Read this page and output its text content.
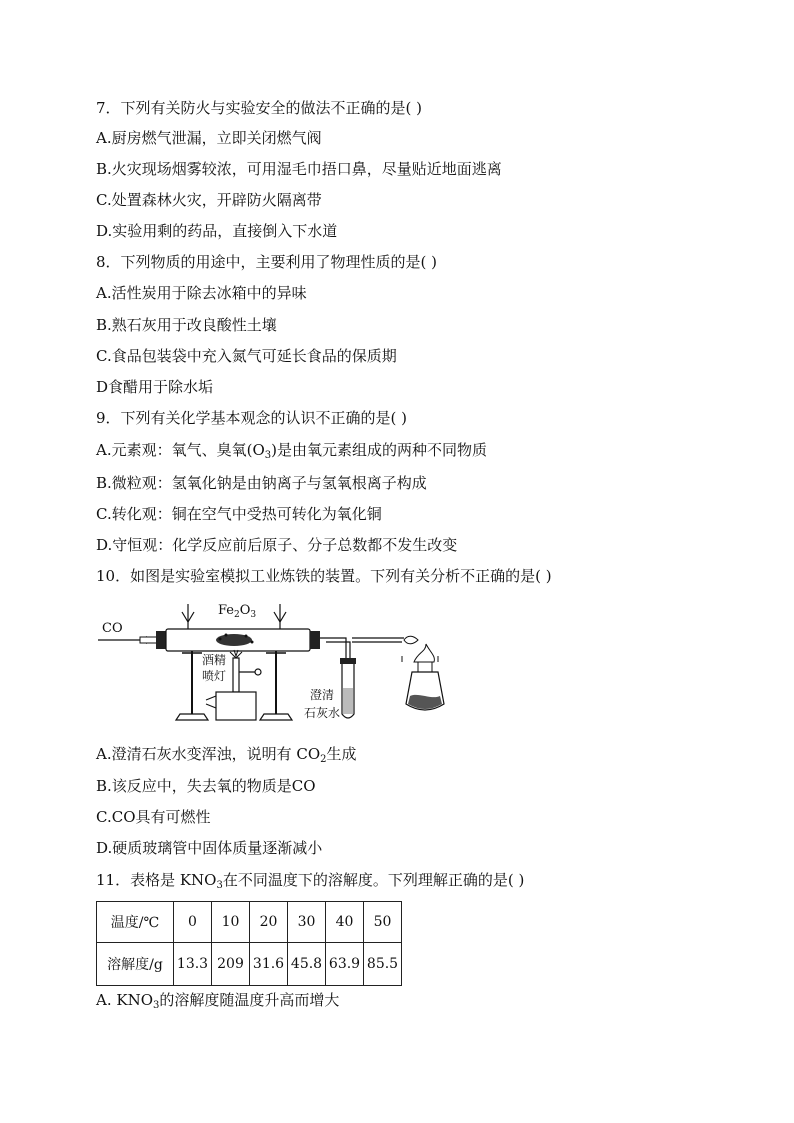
7．下列有关防火与实验安全的做法不正确的是( )
A.厨房燃气泄漏，立即关闭燃气阀
B.火灾现场烟雾较浓，可用湿毛巾捂口鼻，尽量贴近地面逃离
C.处置森林火灾，开辟防火隔离带
D.实验用剩的药品，直接倒入下水道
8．下列物质的用途中，主要利用了物理性质的是( )
A.活性炭用于除去冰箱中的异味
B.熟石灰用于改良酸性土壤
C.食品包装袋中充入氮气可延长食品的保质期
D食醋用于除水垢
9．下列有关化学基本观念的认识不正确的是( )
A.元素观：氧气、臭氧$(O_3)$是由氧元素组成的两种不同物质
B.微粒观：氢氧化钠是由钠离子与氢氧根离子构成
C.转化观：铜在空气中受热可转化为氧化铜
D.守恒观：化学反应前后原子、分子总数都不发生改变
10．如图是实验室模拟工业炼铁的装置。下列有关分析不正确的是( )
CO
$Fe_2O_3$
澄清
石灰水
酒精
喷灯
A.澄清石灰水变浑浊，说明有 $CO_2$生成
B.该反应中，失去氧的物质是CO
C.CO具有可燃性
D.硬质玻璃管中固体质量逐渐减小
11．表格是 $KNO_3$在不同温度下的溶解度。下列理解正确的是( )
温度/℃	0	10	20	30	40	50
溶解度/g	13.3	209	31.6	45.8	63.9	85.5
A. $KNO_3$的溶解度随温度升高而增大
